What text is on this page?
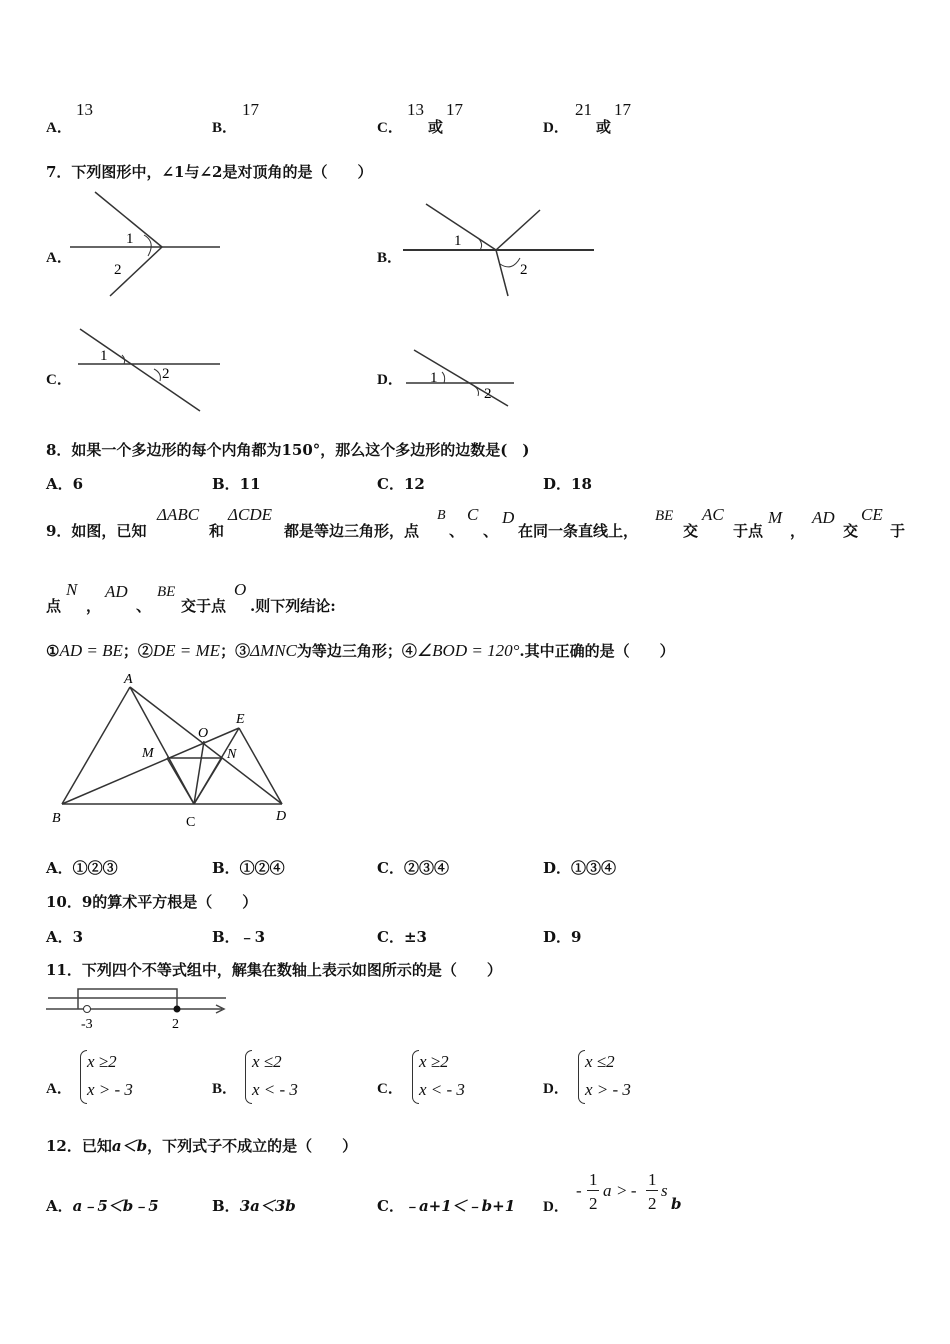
A．
13
B．
17
C．
13
或
17
D．
21
或
17
7．下列图形中，∠1与∠2是对顶角的是（　　）
A．
1
2
B．
1
2
C．
1
2	D． 1
2
8．如果一个多边形的每个内角都为150°，那么这个多边形的边数是(　)
A．6	B．11	C．12	D．18
9．如图，已知
ΔABC
和
ΔCDE
都是等边三角形，点
B
、
C
、
D
在同一条直线上，
BE
交
AC
于点
M
，
AD
交
CE
于
点
N
，
AD
、
BE
交于点
O
.则下列结论:
①AD = BE；②DE = ME；③ΔMNC为等边三角形；④∠BOD = 120°.其中正确的是（　　）
A
B	C	D
E
M	N
O
A．①②③	B．①②④	C．②③④	D．①③④
10．9的算术平方根是（　　）
A．3	B．﹣3	C．±3	D．9
11．下列四个不等式组中，解集在数轴上表示如图所示的是（　　）
-3	2
A．
x ≥2
x > - 3	B．
x ≤2
x < - 3	C．
x ≥2
x < - 3	D．
x ≤2
x > - 3
12．已知a＜b，下列式子不成立的是（　　）
A．a﹣5＜b﹣5	B．3a＜3b	C．﹣a+1＜﹣b+1 D．
-
1
2
a > -
1
2
s
b
